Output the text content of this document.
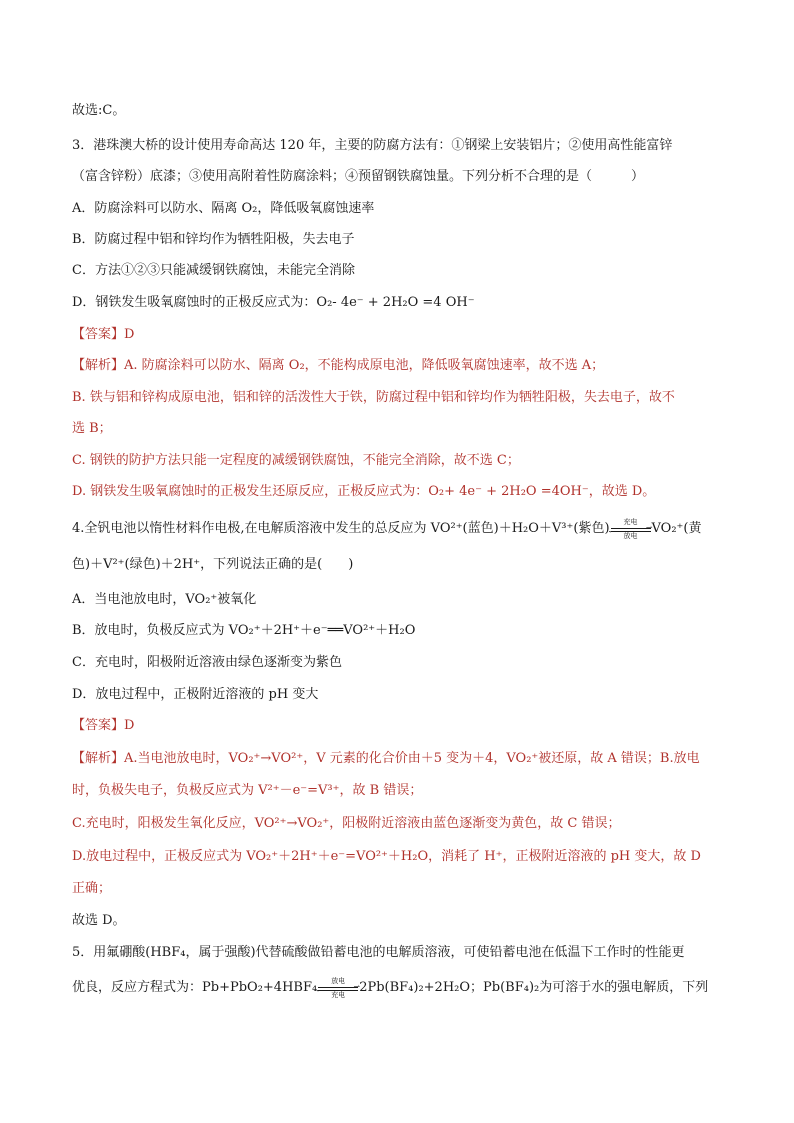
故选:C。
3．港珠澳大桥的设计使用寿命高达 120 年，主要的防腐方法有：①钢梁上安装铝片；②使用高性能富锌
（富含锌粉）底漆；③使用高附着性防腐涂料；④预留钢铁腐蚀量。下列分析不合理的是（　　　）
A．防腐涂料可以防水、隔离 O₂，降低吸氧腐蚀速率
B．防腐过程中铝和锌均作为牺牲阳极，失去电子
C．方法①②③只能减缓钢铁腐蚀，未能完全消除
D．钢铁发生吸氧腐蚀时的正极反应式为：O₂- 4e⁻ + 2H₂O =4 OH⁻
【答案】D
【解析】A. 防腐涂料可以防水、隔离 O₂，不能构成原电池，降低吸氧腐蚀速率，故不选 A；
B. 铁与铝和锌构成原电池，铝和锌的活泼性大于铁，防腐过程中铝和锌均作为牺牲阳极，失去电子，故不
选 B；
C. 钢铁的防护方法只能一定程度的减缓钢铁腐蚀，不能完全消除，故不选 C；
D. 钢铁发生吸氧腐蚀时的正极发生还原反应，正极反应式为：O₂+ 4e⁻ + 2H₂O =4OH⁻，故选 D。
4.全钒电池以惰性材料作电极,在电解质溶液中发生的总反应为 VO²⁺(蓝色)＋H₂O＋V³⁺(紫色)	充电
⇀
↽	放电	VO₂⁺(黄
色)＋V²⁺(绿色)＋2H⁺，下列说法正确的是(　　)
A．当电池放电时，VO₂⁺被氧化
B．放电时，负极反应式为 VO₂⁺＋2H⁺＋e⁻══VO²⁺＋H₂O
C．充电时，阳极附近溶液由绿色逐渐变为紫色
D．放电过程中，正极附近溶液的 pH 变大
【答案】D
【解析】A.当电池放电时，VO₂⁺→VO²⁺，V 元素的化合价由＋5 变为＋4，VO₂⁺被还原，故 A 错误；B.放电
时，负极失电子，负极反应式为 V²⁺－e⁻=V³⁺，故 B 错误；
C.充电时，阳极发生氧化反应，VO²⁺→VO₂⁺，阳极附近溶液由蓝色逐渐变为黄色，故 C 错误；
D.放电过程中，正极反应式为 VO₂⁺＋2H⁺＋e⁻=VO²⁺＋H₂O，消耗了 H⁺，正极附近溶液的 pH 变大，故 D
正确；
故选 D。
5．用氟硼酸(HBF₄，属于强酸)代替硫酸做铅蓄电池的电解质溶液，可使铅蓄电池在低温下工作时的性能更
优良，反应方程式为：Pb+PbO₂+4HBF₄	放电
⇀
↽	充电	2Pb(BF₄)₂+2H₂O；Pb(BF₄)₂为可溶于水的强电解质，下列
